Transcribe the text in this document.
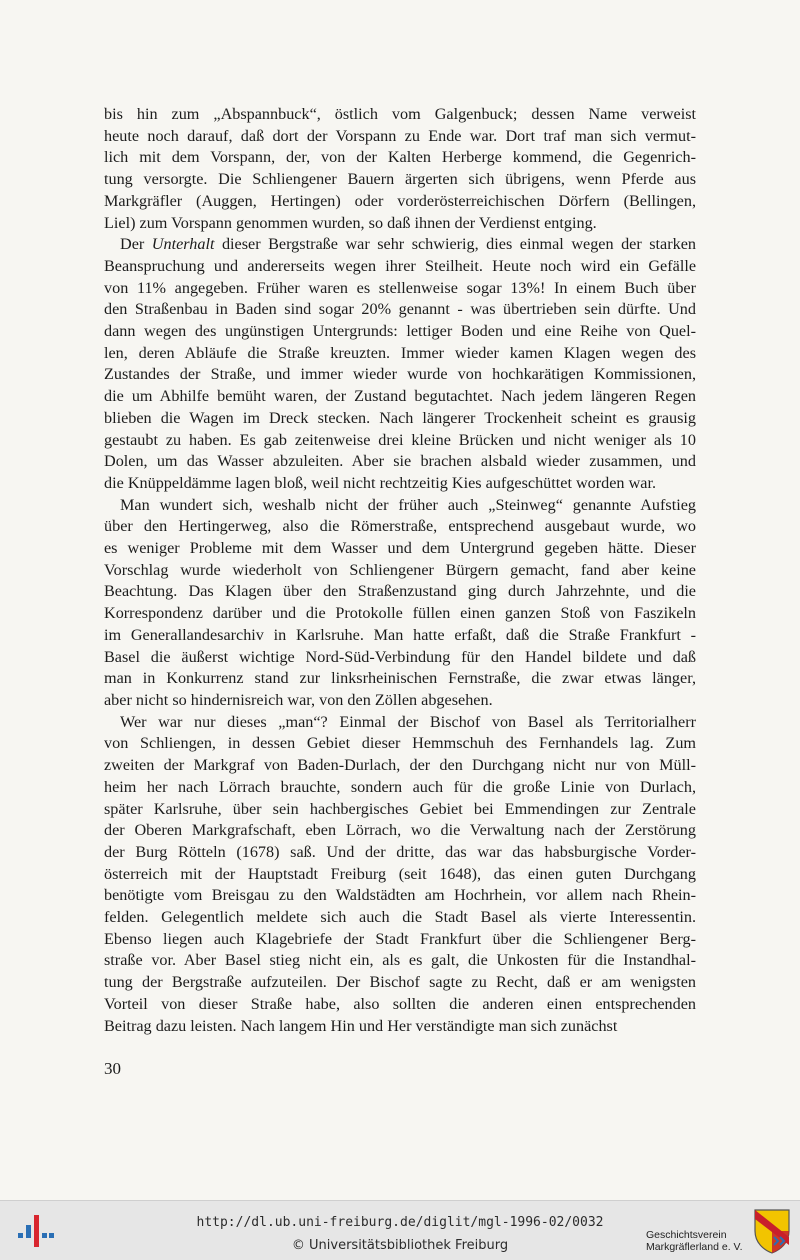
bis hin zum „Abspannbuck“, östlich vom Galgenbuck; dessen Name verweist
heute noch darauf, daß dort der Vorspann zu Ende war. Dort traf man sich vermut-
lich mit dem Vorspann, der, von der Kalten Herberge kommend, die Gegenrich-
tung versorgte. Die Schliengener Bauern ärgerten sich übrigens, wenn Pferde aus
Markgräfler (Auggen, Hertingen) oder vorderösterreichischen Dörfern (Bellingen,
Liel) zum Vorspann genommen wurden, so daß ihnen der Verdienst entging.

Der Unterhalt dieser Bergstraße war sehr schwierig, dies einmal wegen der starken
Beanspruchung und andererseits wegen ihrer Steilheit. Heute noch wird ein Gefälle
von 11% angegeben. Früher waren es stellenweise sogar 13%! In einem Buch über
den Straßenbau in Baden sind sogar 20% genannt - was übertrieben sein dürfte. Und
dann wegen des ungünstigen Untergrunds: lettiger Boden und eine Reihe von Quel-
len, deren Abläufe die Straße kreuzten. Immer wieder kamen Klagen wegen des
Zustandes der Straße, und immer wieder wurde von hochkarätigen Kommissionen,
die um Abhilfe bemüht waren, der Zustand begutachtet. Nach jedem längeren Regen
blieben die Wagen im Dreck stecken. Nach längerer Trockenheit scheint es grausig
gestaubt zu haben. Es gab zeitenweise drei kleine Brücken und nicht weniger als 10
Dolen, um das Wasser abzuleiten. Aber sie brachen alsbald wieder zusammen, und
die Knüppeldämme lagen bloß, weil nicht rechtzeitig Kies aufgeschüttet worden war.

Man wundert sich, weshalb nicht der früher auch „Steinweg“ genannte Aufstieg
über den Hertingerweg, also die Römerstraße, entsprechend ausgebaut wurde, wo
es weniger Probleme mit dem Wasser und dem Untergrund gegeben hätte. Dieser
Vorschlag wurde wiederholt von Schliengener Bürgern gemacht, fand aber keine
Beachtung. Das Klagen über den Straßenzustand ging durch Jahrzehnte, und die
Korrespondenz darüber und die Protokolle füllen einen ganzen Stoß von Faszikeln
im Generallandesarchiv in Karlsruhe. Man hatte erfaßt, daß die Straße Frankfurt -
Basel die äußerst wichtige Nord-Süd-Verbindung für den Handel bildete und daß
man in Konkurrenz stand zur linksrheinischen Fernstraße, die zwar etwas länger,
aber nicht so hindernisreich war, von den Zöllen abgesehen.

Wer war nur dieses „man“? Einmal der Bischof von Basel als Territorialherr
von Schliengen, in dessen Gebiet dieser Hemmschuh des Fernhandels lag. Zum
zweiten der Markgraf von Baden-Durlach, der den Durchgang nicht nur von Müll-
heim her nach Lörrach brauchte, sondern auch für die große Linie von Durlach,
später Karlsruhe, über sein hachbergisches Gebiet bei Emmendingen zur Zentrale
der Oberen Markgrafschaft, eben Lörrach, wo die Verwaltung nach der Zerstörung
der Burg Rötteln (1678) saß. Und der dritte, das war das habsburgische Vorder-
österreich mit der Hauptstadt Freiburg (seit 1648), das einen guten Durchgang
benötigte vom Breisgau zu den Waldstädten am Hochrhein, vor allem nach Rhein-
felden. Gelegentlich meldete sich auch die Stadt Basel als vierte Interessentin.
Ebenso liegen auch Klagebriefe der Stadt Frankfurt über die Schliengener Berg-
straße vor. Aber Basel stieg nicht ein, als es galt, die Unkosten für die Instandhal-
tung der Bergstraße aufzuteilen. Der Bischof sagte zu Recht, daß er am wenigsten
Vorteil von dieser Straße habe, also sollten die anderen einen entsprechenden
Beitrag dazu leisten. Nach langem Hin und Her verständigte man sich zunächst

30
http://dl.ub.uni-freiburg.de/diglit/mgl-1996-02/0032
© Universitätsbibliothek Freiburg
Geschichtsverein
Markgräflerland e. V.
